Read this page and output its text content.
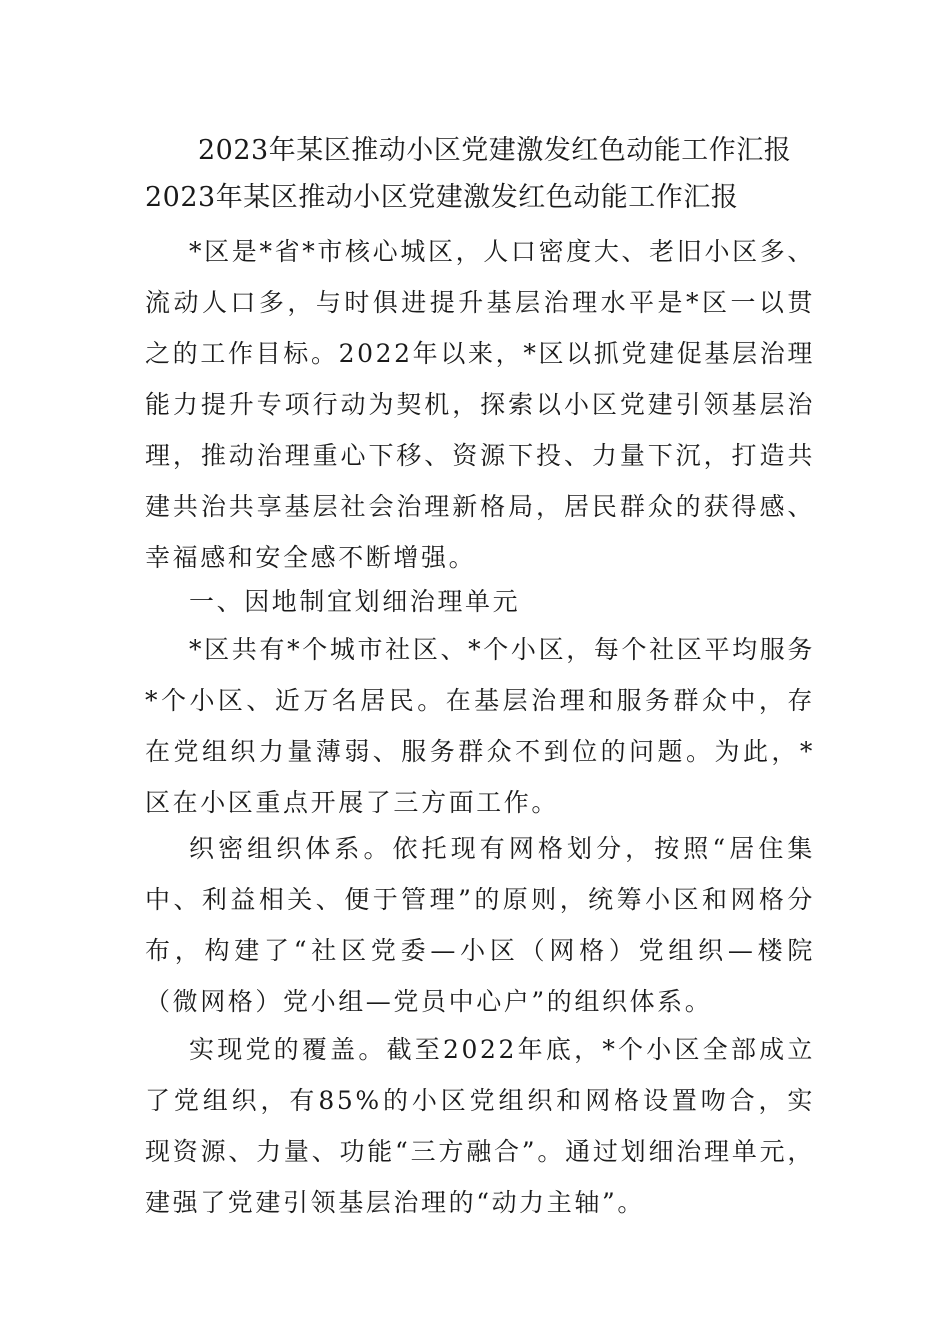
2023年某区推动小区党建激发红色动能工作汇报
2023年某区推动小区党建激发红色动能工作汇报

*区是*省*市核心城区，人口密度大、老旧小区多、流动人口多，与时俱进提升基层治理水平是*区一以贯之的工作目标。2022年以来，*区以抓党建促基层治理能力提升专项行动为契机，探索以小区党建引领基层治理，推动治理重心下移、资源下投、力量下沉，打造共建共治共享基层社会治理新格局，居民群众的获得感、幸福感和安全感不断增强。

一、因地制宜划细治理单元

*区共有*个城市社区、*个小区，每个社区平均服务*个小区、近万名居民。在基层治理和服务群众中，存在党组织力量薄弱、服务群众不到位的问题。为此，*区在小区重点开展了三方面工作。

织密组织体系。依托现有网格划分，按照“居住集中、利益相关、便于管理”的原则，统筹小区和网格分布，构建了“社区党委—小区（网格）党组织—楼院（微网格）党小组—党员中心户”的组织体系。

实现党的覆盖。截至2022年底，*个小区全部成立了党组织，有85%的小区党组织和网格设置吻合，实现资源、力量、功能“三方融合”。通过划细治理单元，建强了党建引领基层治理的“动力主轴”。
